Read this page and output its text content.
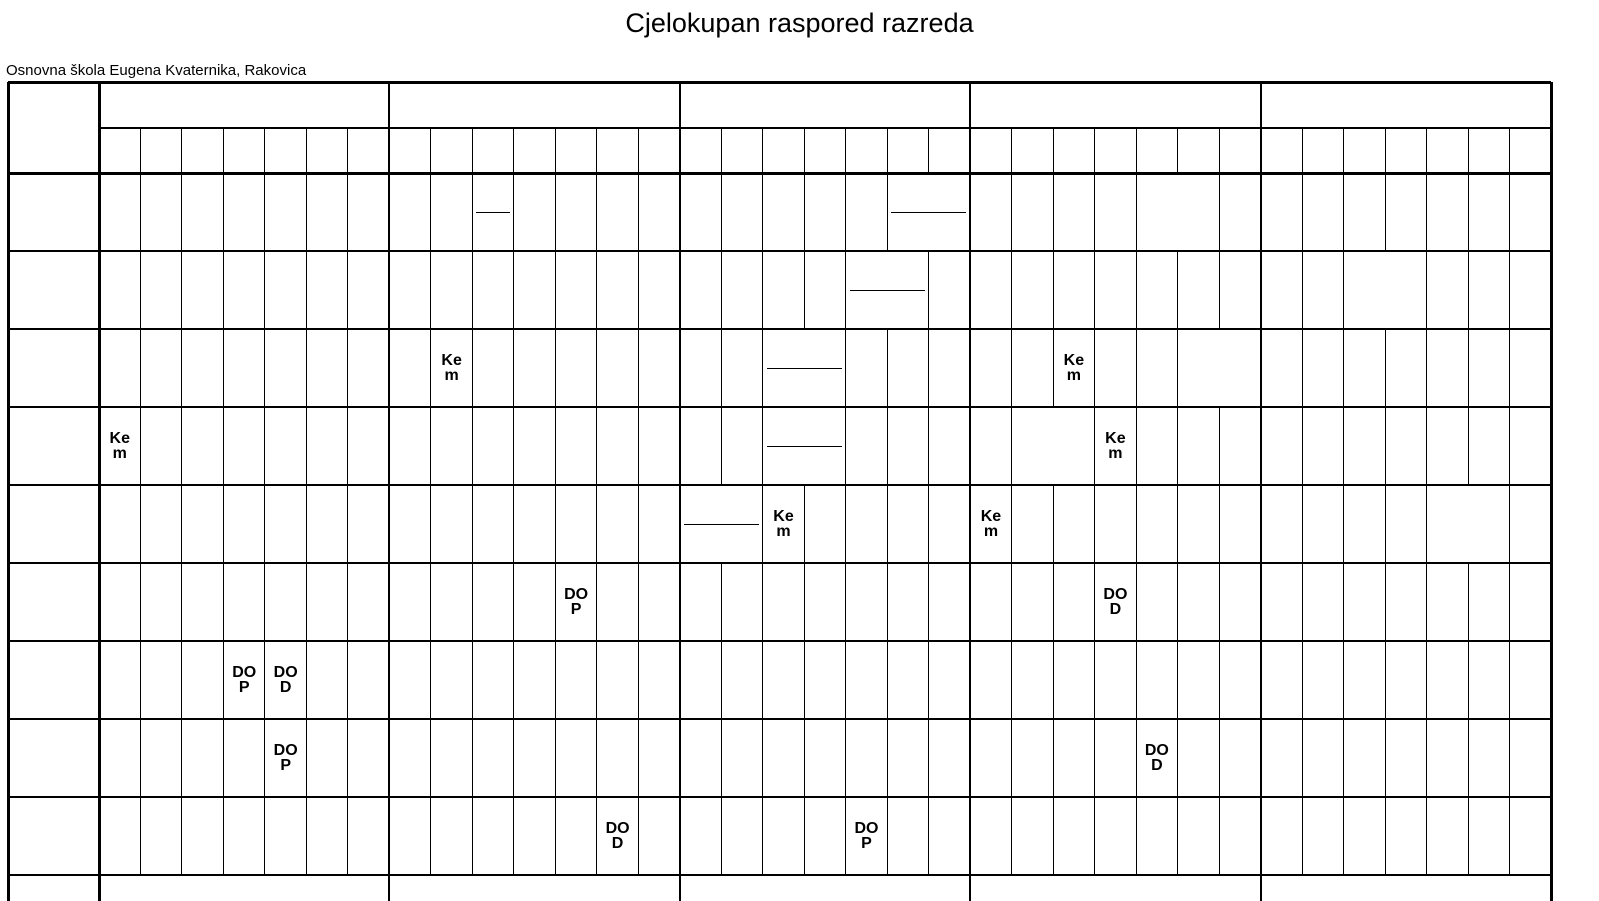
Cjelokupan raspored razreda
Osnovna škola Eugena Kvaternika, Rakovica
Ke
m
Ke
m
Ke
m
Ke
m
Ke
m
Ke
m
DO
P
DO
D
DO
P
DO
D
DO
P
DO
D
DO
D
DO
P
